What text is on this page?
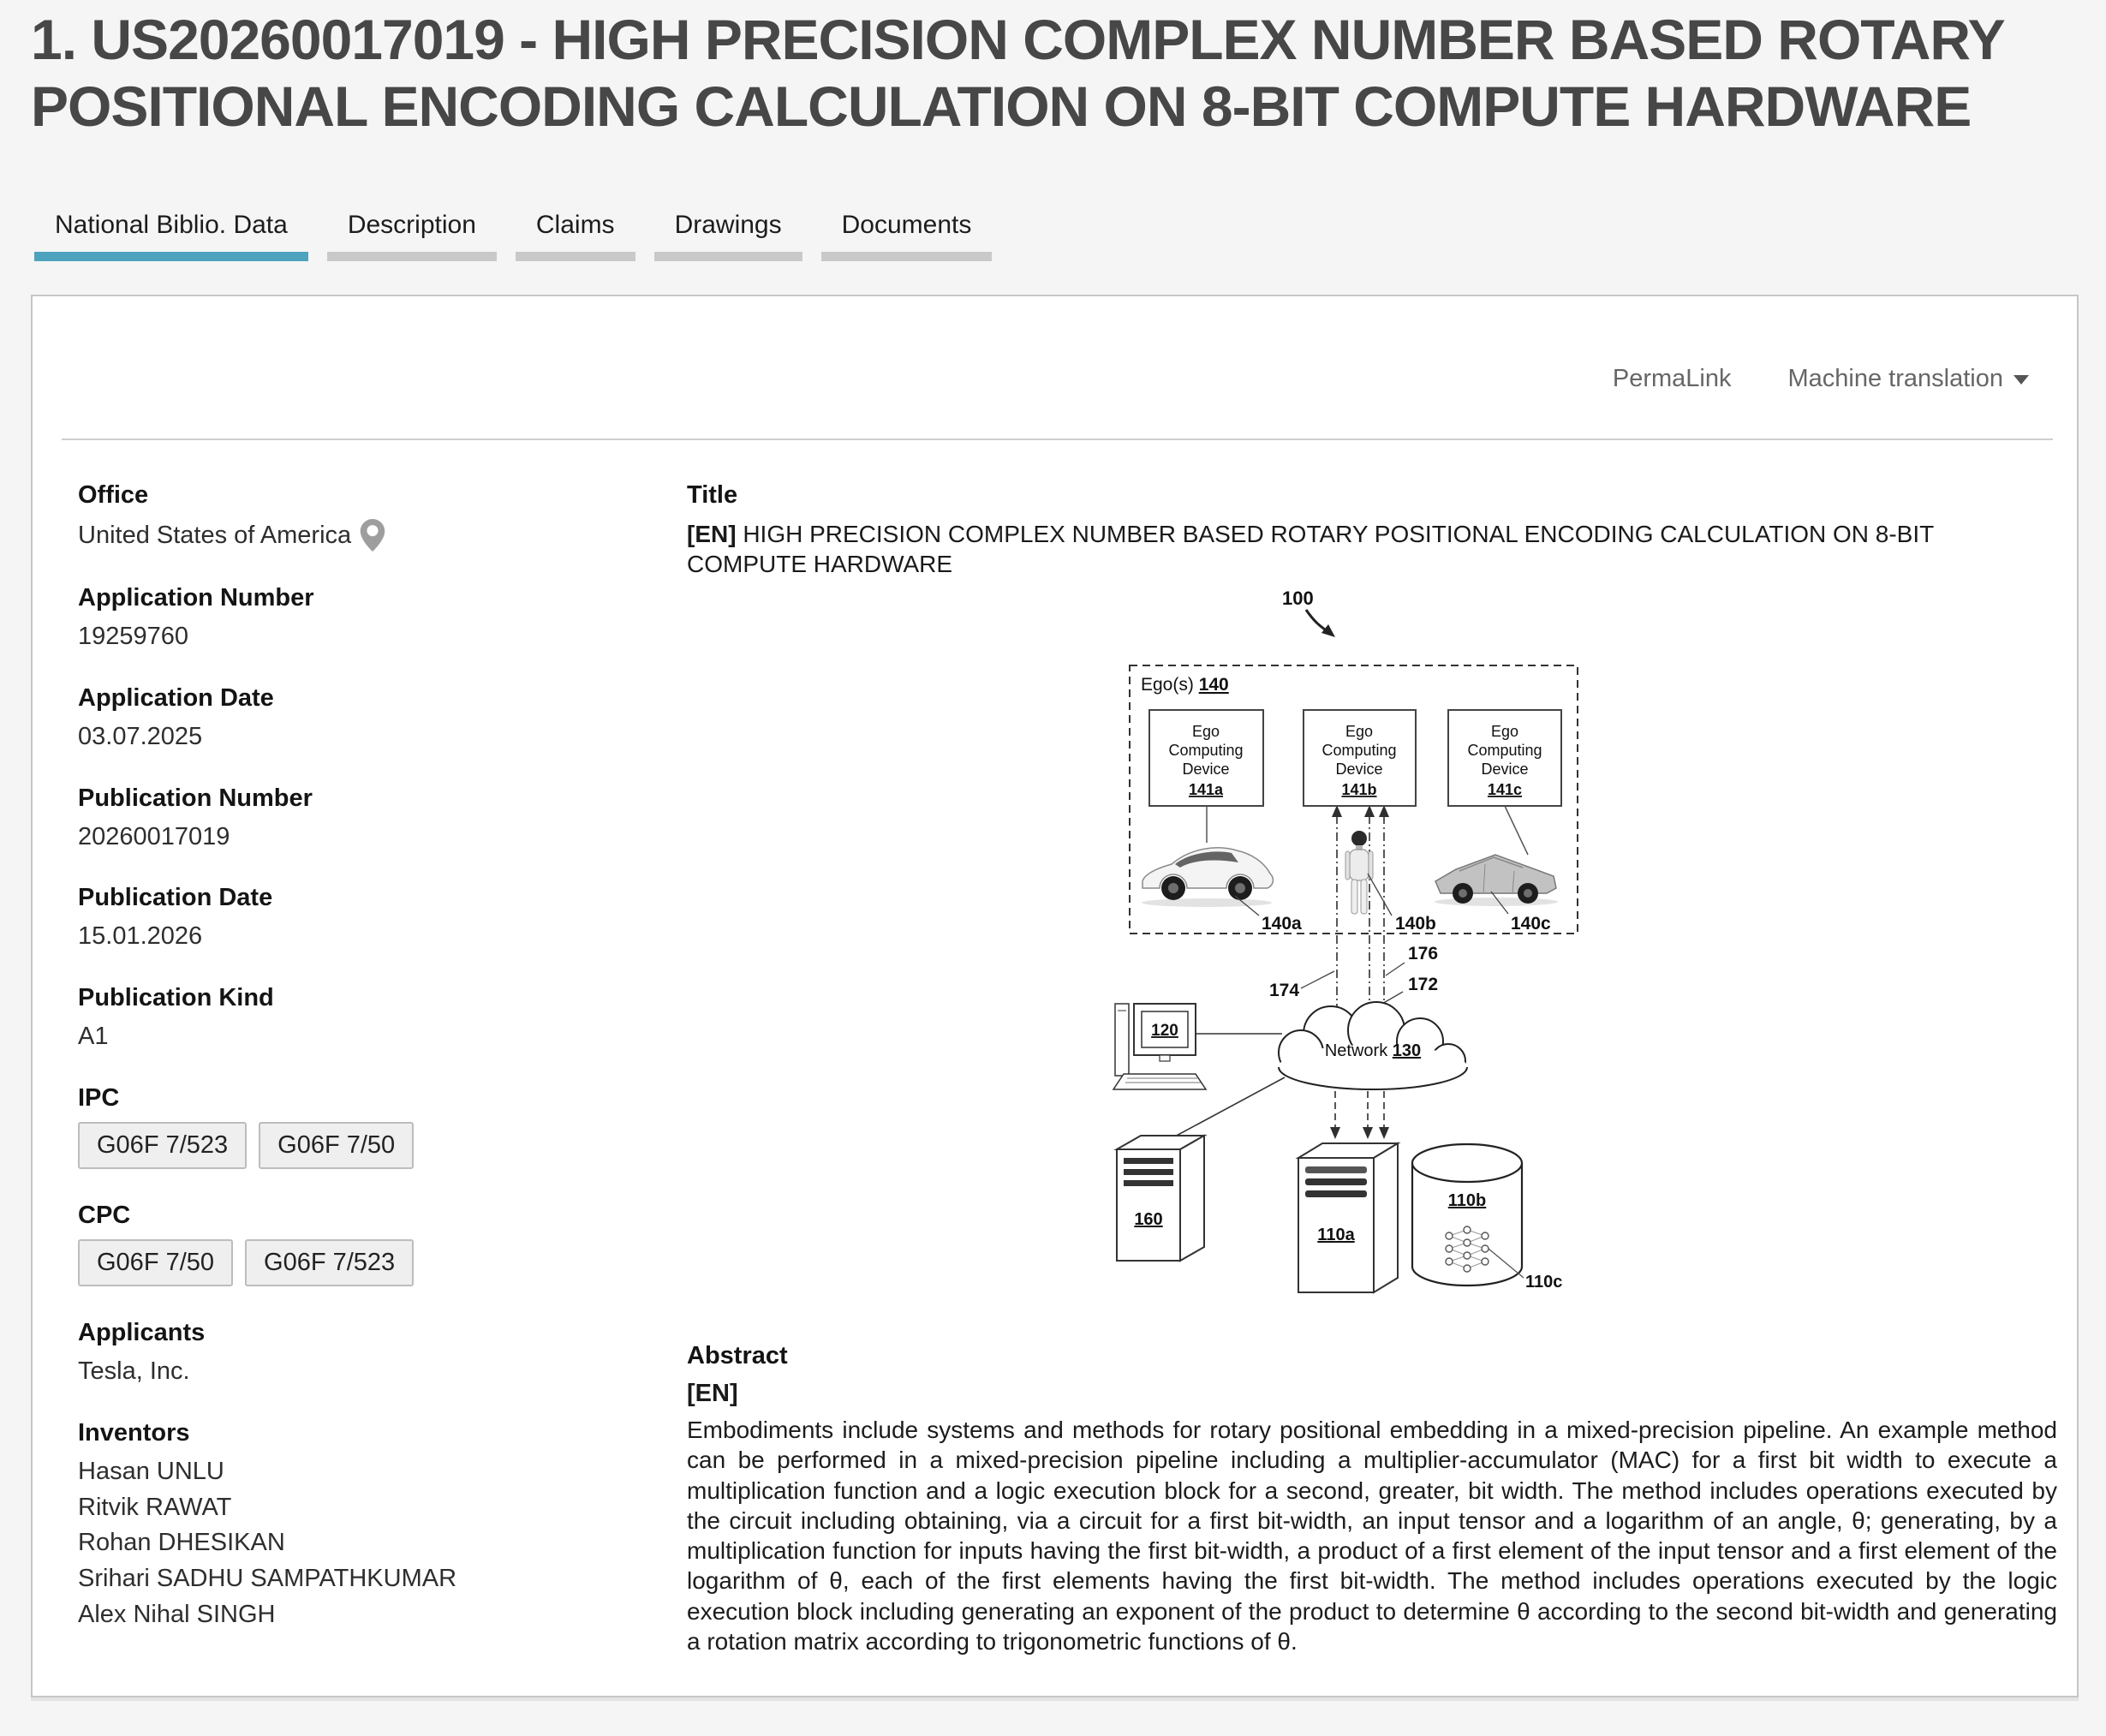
1. US20260017019 - HIGH PRECISION COMPLEX NUMBER BASED ROTARY POSITIONAL ENCODING CALCULATION ON 8-BIT COMPUTE HARDWARE
National Biblio. Data	Description	Claims	Drawings	Documents
PermaLink Machine translation
Office
United States of America
Application Number
19259760
Application Date
03.07.2025
Publication Number
20260017019
Publication Date
15.01.2026
Publication Kind
A1
IPC
G06F 7/523	G06F 7/50
CPC
G06F 7/50	G06F 7/523
Applicants
Tesla, Inc.
Inventors
Hasan UNLU
Ritvik RAWAT
Rohan DHESIKAN
Srihari SADHU SAMPATHKUMAR
Alex Nihal SINGH
Title
[EN] HIGH PRECISION COMPLEX NUMBER BASED ROTARY POSITIONAL ENCODING CALCULATION ON 8-BIT COMPUTE HARDWARE
Ego(s) 140
Ego
Computing
Device
141a
Ego
Computing
Device
141b
Ego
Computing
Device
141c
140a	140b	140c
174
176
172
120
Network 130
160
110a
110b
110c
100
Abstract
[EN]
Embodiments include systems and methods for rotary positional embedding in a mixed-precision pipeline. An example method can be performed in a mixed-precision pipeline including a multiplier-accumulator (MAC) for a first bit width to execute a multiplication function and a logic execution block for a second, greater, bit width. The method includes operations executed by the circuit including obtaining, via a circuit for a first bit-width, an input tensor and a logarithm of an angle, θ; generating, by a multiplication function for inputs having the first bit-width, a product of a first element of the input tensor and a first element of the logarithm of θ, each of the first elements having the first bit-width. The method includes operations executed by the logic execution block including generating an exponent of the product to determine θ according to the second bit-width and generating a rotation matrix according to trigonometric functions of θ.
